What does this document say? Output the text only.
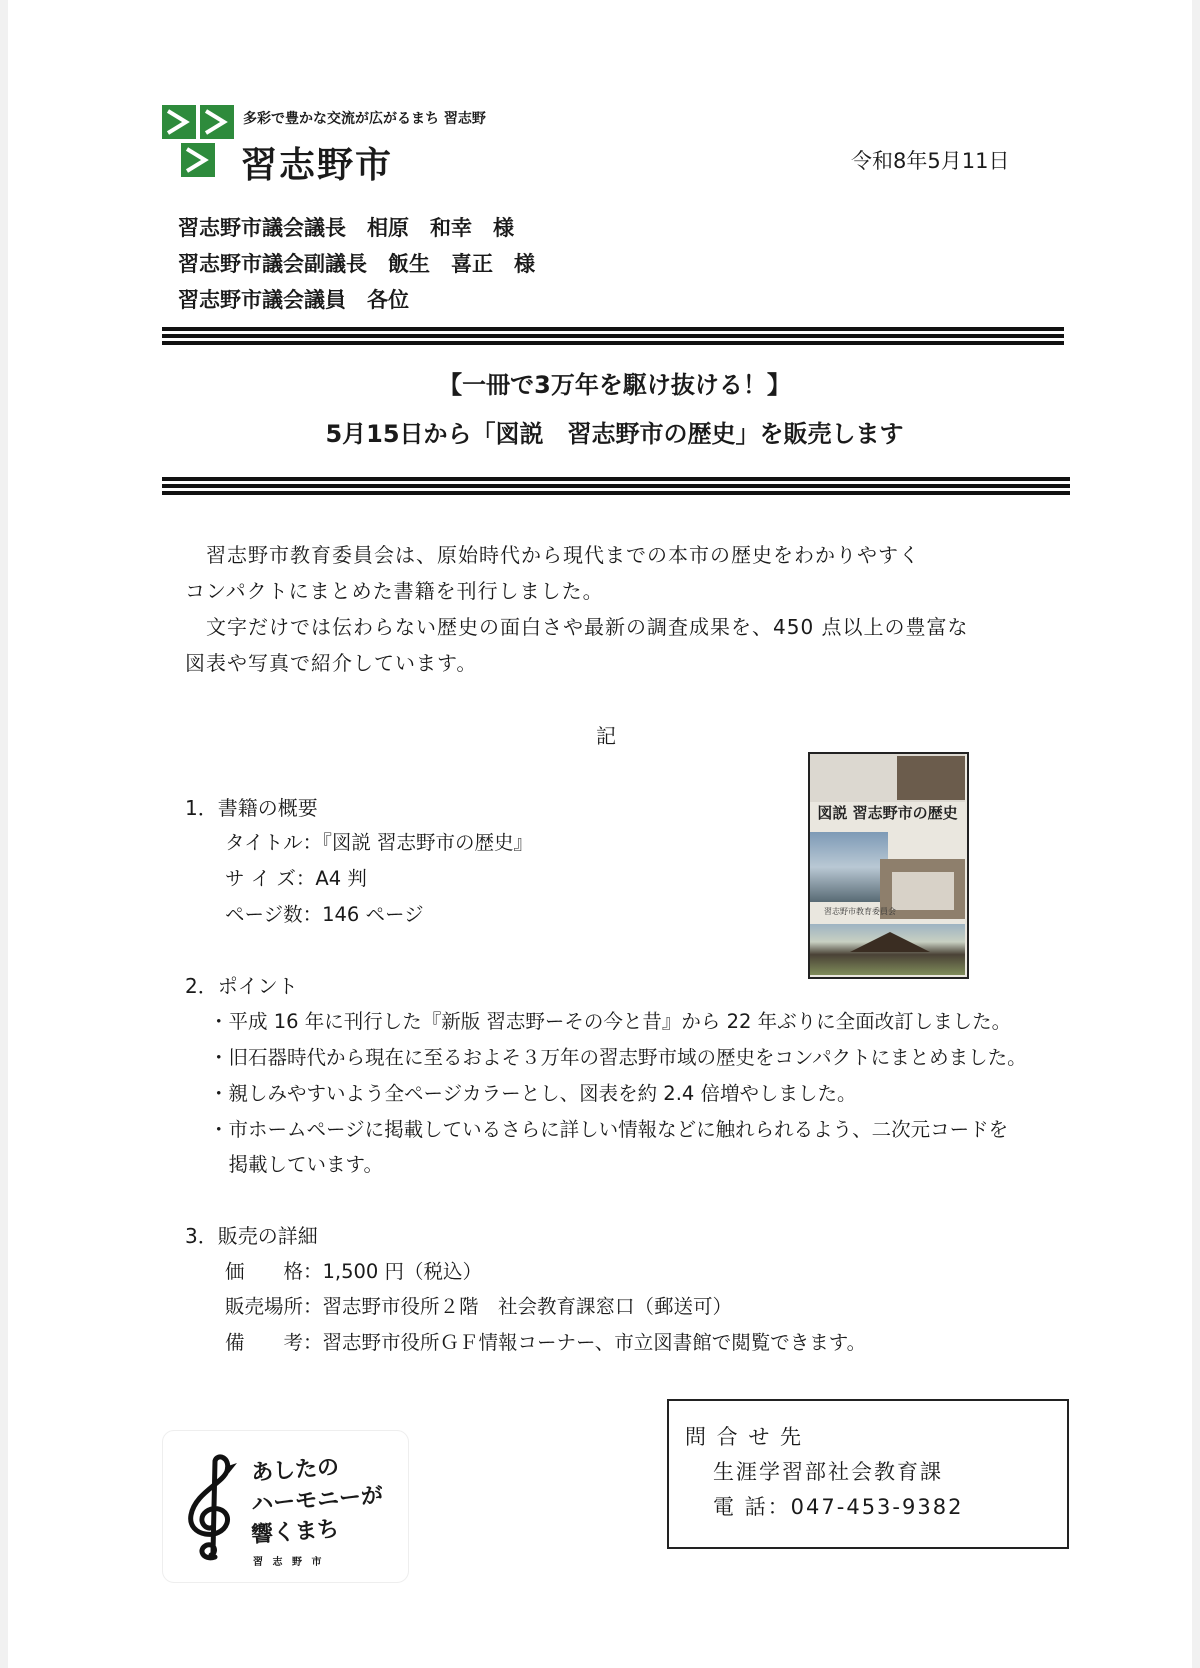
多彩で豊かな交流が広がるまち 習志野
習志野市	令和8年5月11日
習志野市議会議長　相原　和幸　様
習志野市議会副議長　飯生　喜正　様
習志野市議会議員　各位
【一冊で3万年を駆け抜ける！】
5月15日から「図説　習志野市の歴史」を販売します
　習志野市教育委員会は、原始時代から現代までの本市の歴史をわかりやすく
コンパクトにまとめた書籍を刊行しました。
　文字だけでは伝わらない歴史の面白さや最新の調査成果を、450 点以上の豊富な
図表や写真で紹介しています。
記
1．書籍の概要
タイトル：『図説 習志野市の歴史』
サ イ ズ：A4 判
ページ数：146 ページ
図説 習志野市の歴史
習志野市教育委員会
2．ポイント
・平成 16 年に刊行した『新版 習志野ーその今と昔』から 22 年ぶりに全面改訂しました。
・旧石器時代から現在に至るおよそ３万年の習志野市域の歴史をコンパクトにまとめました。
・親しみやすいよう全ページカラーとし、図表を約 2.4 倍増やしました。
・市ホームページに掲載しているさらに詳しい情報などに触れられるよう、二次元コードを
　掲載しています。
3．販売の詳細
価　　格：1,500 円（税込）
販売場所：習志野市役所２階　社会教育課窓口（郵送可）
備　　考：習志野市役所ＧＦ情報コーナー、市立図書館で閲覧できます。
問 合 せ 先
生涯学習部社会教育課
電 話：047-453-9382
あしたの
ハーモニーが
響くまち
習 志 野 市
